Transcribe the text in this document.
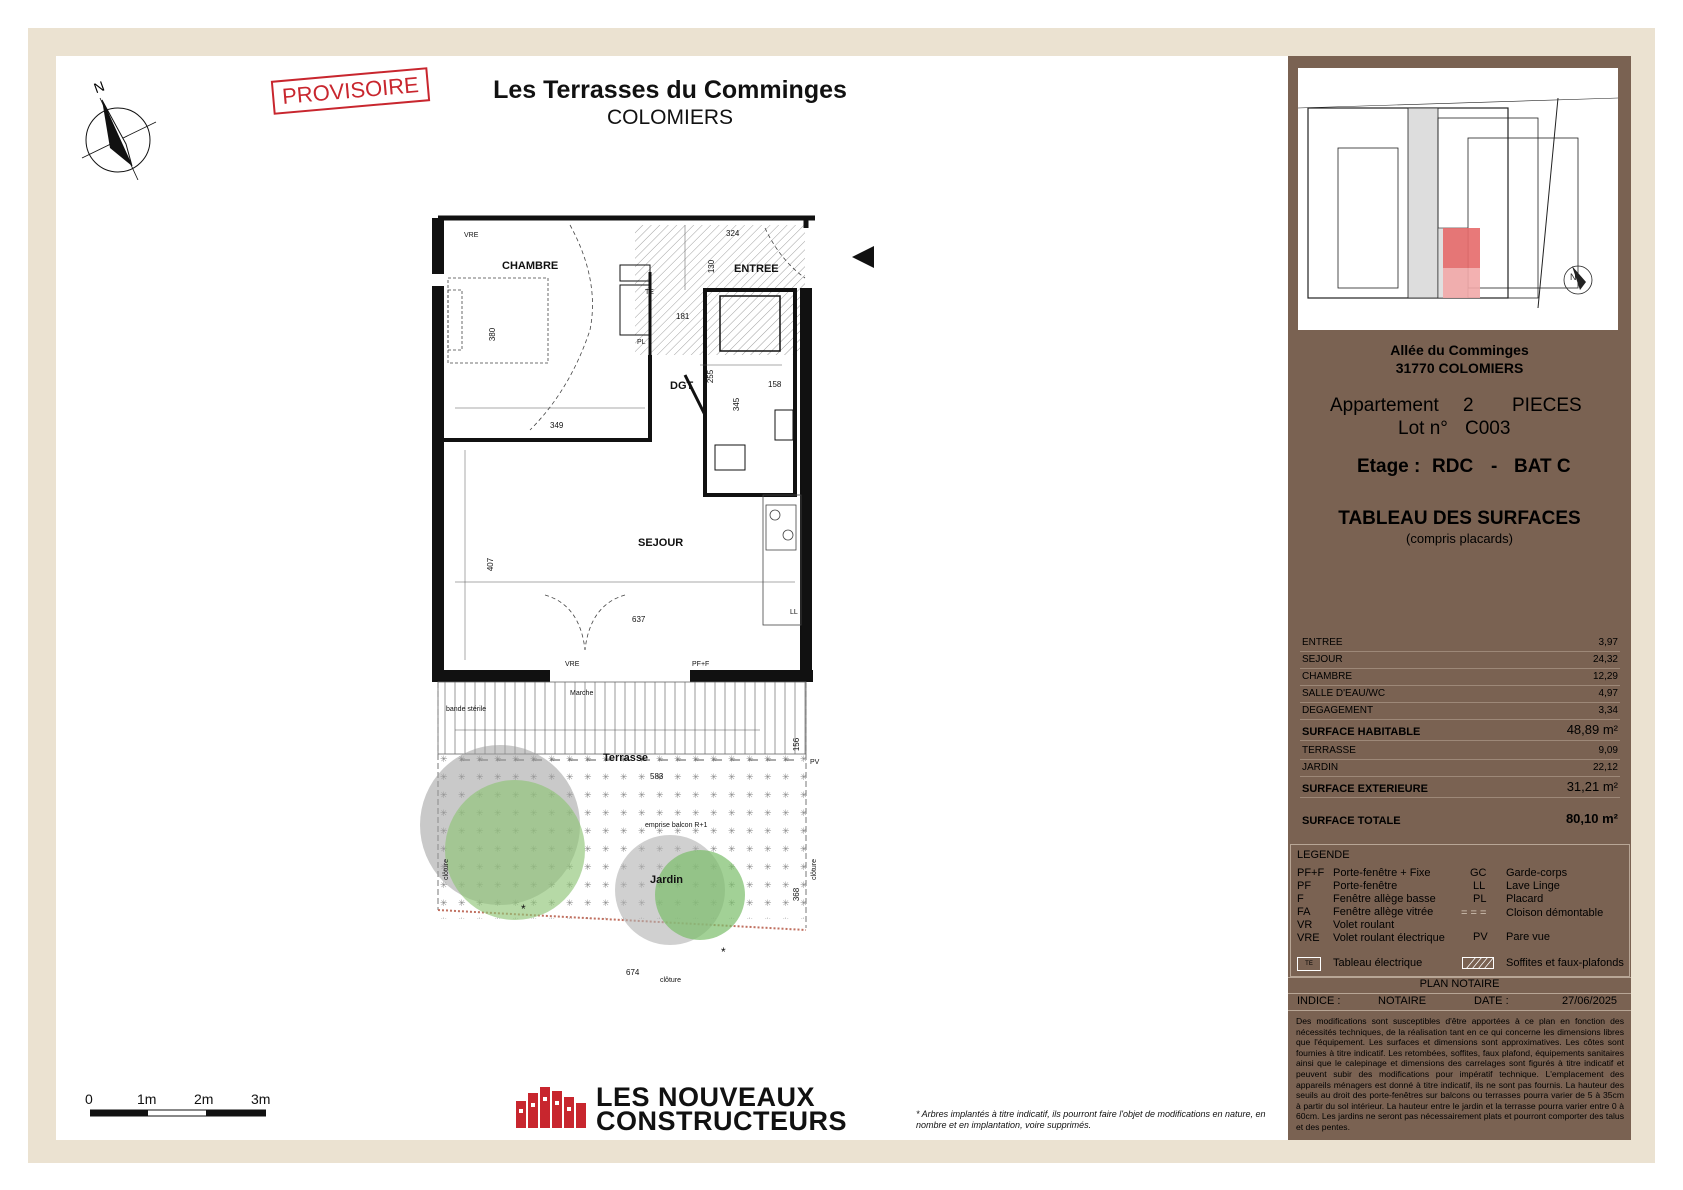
N	PROVISOIRE	Les Terrasses du Comminges
COLOMIERS
CHAMBRE	ENTREE
DGT
SEJOUR
Terrasse
Jardin
324
130
181
380
255
158
345
349
407
637
156
583
368
674
VRE
TE
PL
LL
VRE	PF+F
Marche
bande stérile
PV
emprise balcon R+1
clôture	clôture
clôture
*
*
0	1m	2m	3m	LES NOUVEAUX
CONSTRUCTEURS	* Arbres implantés à titre indicatif, ils pourront faire l'objet de modifications en nature, en nombre et en implantation, voire supprimés.
N
Allée du Comminges
31770 COLOMIERS
Appartement 2 PIECES
Lot n° C003
Etage : RDC - BAT C
TABLEAU DES SURFACES
(compris placards)
ENTREE	3,97
SEJOUR	24,32
CHAMBRE	12,29
SALLE D'EAU/WC	4,97
DEGAGEMENT	3,34
SURFACE HABITABLE	48,89 m²
TERRASSE	9,09
JARDIN	22,12
SURFACE EXTERIEURE	31,21 m²
SURFACE TOTALE	80,10 m²
LEGENDE
PF+F Porte-fenêtre + Fixe
PF Porte-fenêtre
F	Fenêtre allège basse
FA Fenêtre allège vitrée
VR Volet roulant
VRE Volet roulant électrique
GC Garde-corps
LL Lave Linge
PL Placard
= = = Cloison démontable
PV Pare vue
TE	Tableau électrique	Soffites et faux-plafonds
PLAN NOTAIRE
INDICE :	NOTAIRE	DATE :	27/06/2025
Des modifications sont susceptibles d'être apportées à ce plan en fonction des nécessités techniques, de la réalisation tant en ce qui concerne les dimensions libres que l'équipement. Les surfaces et dimensions sont approximatives. Les côtes sont fournies à titre indicatif. Les retombées, soffites, faux plafond, équipements sanitaires ainsi que le calepinage et dimensions des carrelages sont figurés à titre indicatif et peuvent subir des modifications pour impératif technique. L'emplacement des appareils ménagers est donné à titre indicatif, ils ne sont pas fournis. La hauteur des seuils au droit des porte-fenêtres sur balcons ou terrasses pourra varier de 5 à 35cm à partir du sol intérieur. La hauteur entre le jardin et la terrasse pourra varier entre 0 à 60cm. Les jardins ne seront pas nécessairement plats et pourront comporter des talus et des pentes.
